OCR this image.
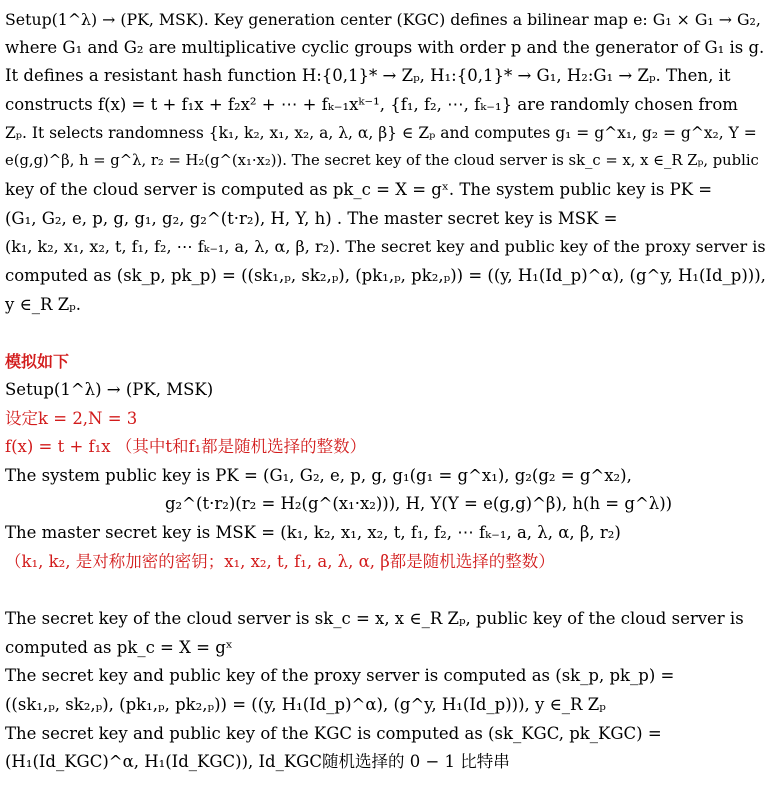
Setup(1^λ) → (PK, MSK). Key generation center (KGC) defines a bilinear map e: G₁ × G₁ → G₂,
where G₁ and G₂ are multiplicative cyclic groups with order p and the generator of G₁ is g.
It defines a resistant hash function H:{0,1}* → Zₚ, H₁:{0,1}* → G₁, H₂:G₁ → Zₚ. Then, it
constructs f(x) = t + f₁x + f₂x² + ⋯ + fₖ₋₁xᵏ⁻¹, {f₁, f₂, ⋯, fₖ₋₁} are randomly chosen from
Zₚ. It selects randomness {k₁, k₂, x₁, x₂, a, λ, α, β} ∈ Zₚ and computes g₁ = g^x₁, g₂ = g^x₂, Y =
e(g,g)^β, h = g^λ, r₂ = H₂(g^(x₁·x₂)). The secret key of the cloud server is sk_c = x, x ∈_R Zₚ, public
key of the cloud server is computed as pk_c = X = gˣ. The system public key is PK =
(G₁, G₂, e, p, g, g₁, g₂, g₂^(t·r₂), H, Y, h) . The master secret key is MSK =
(k₁, k₂, x₁, x₂, t, f₁, f₂, ⋯ fₖ₋₁, a, λ, α, β, r₂). The secret key and public key of the proxy server is
computed as (sk_p, pk_p) = ((sk₁,ₚ, sk₂,ₚ), (pk₁,ₚ, pk₂,ₚ)) = ((y, H₁(Id_p)^α), (g^y, H₁(Id_p))),
y ∈_R Zₚ.
模拟如下
Setup(1^λ) → (PK, MSK)
设定k = 2,N = 3
f(x) = t + f₁x （其中t和f₁都是随机选择的整数）
The system public key is PK = (G₁, G₂, e, p, g, g₁(g₁ = g^x₁), g₂(g₂ = g^x₂),
g₂^(t·r₂)(r₂ = H₂(g^(x₁·x₂))), H, Y(Y = e(g,g)^β), h(h = g^λ))
The master secret key is MSK = (k₁, k₂, x₁, x₂, t, f₁, f₂, ⋯ fₖ₋₁, a, λ, α, β, r₂)
（k₁, k₂, 是对称加密的密钥；x₁, x₂, t, f₁, a, λ, α, β都是随机选择的整数）
The secret key of the cloud server is sk_c = x, x ∈_R Zₚ, public key of the cloud server is
computed as pk_c = X = gˣ
The secret key and public key of the proxy server is computed as (sk_p, pk_p) =
((sk₁,ₚ, sk₂,ₚ), (pk₁,ₚ, pk₂,ₚ)) = ((y, H₁(Id_p)^α), (g^y, H₁(Id_p))), y ∈_R Zₚ
The secret key and public key of the KGC is computed as (sk_KGC, pk_KGC) =
(H₁(Id_KGC)^α, H₁(Id_KGC)), Id_KGC随机选择的 0 − 1 比特串
